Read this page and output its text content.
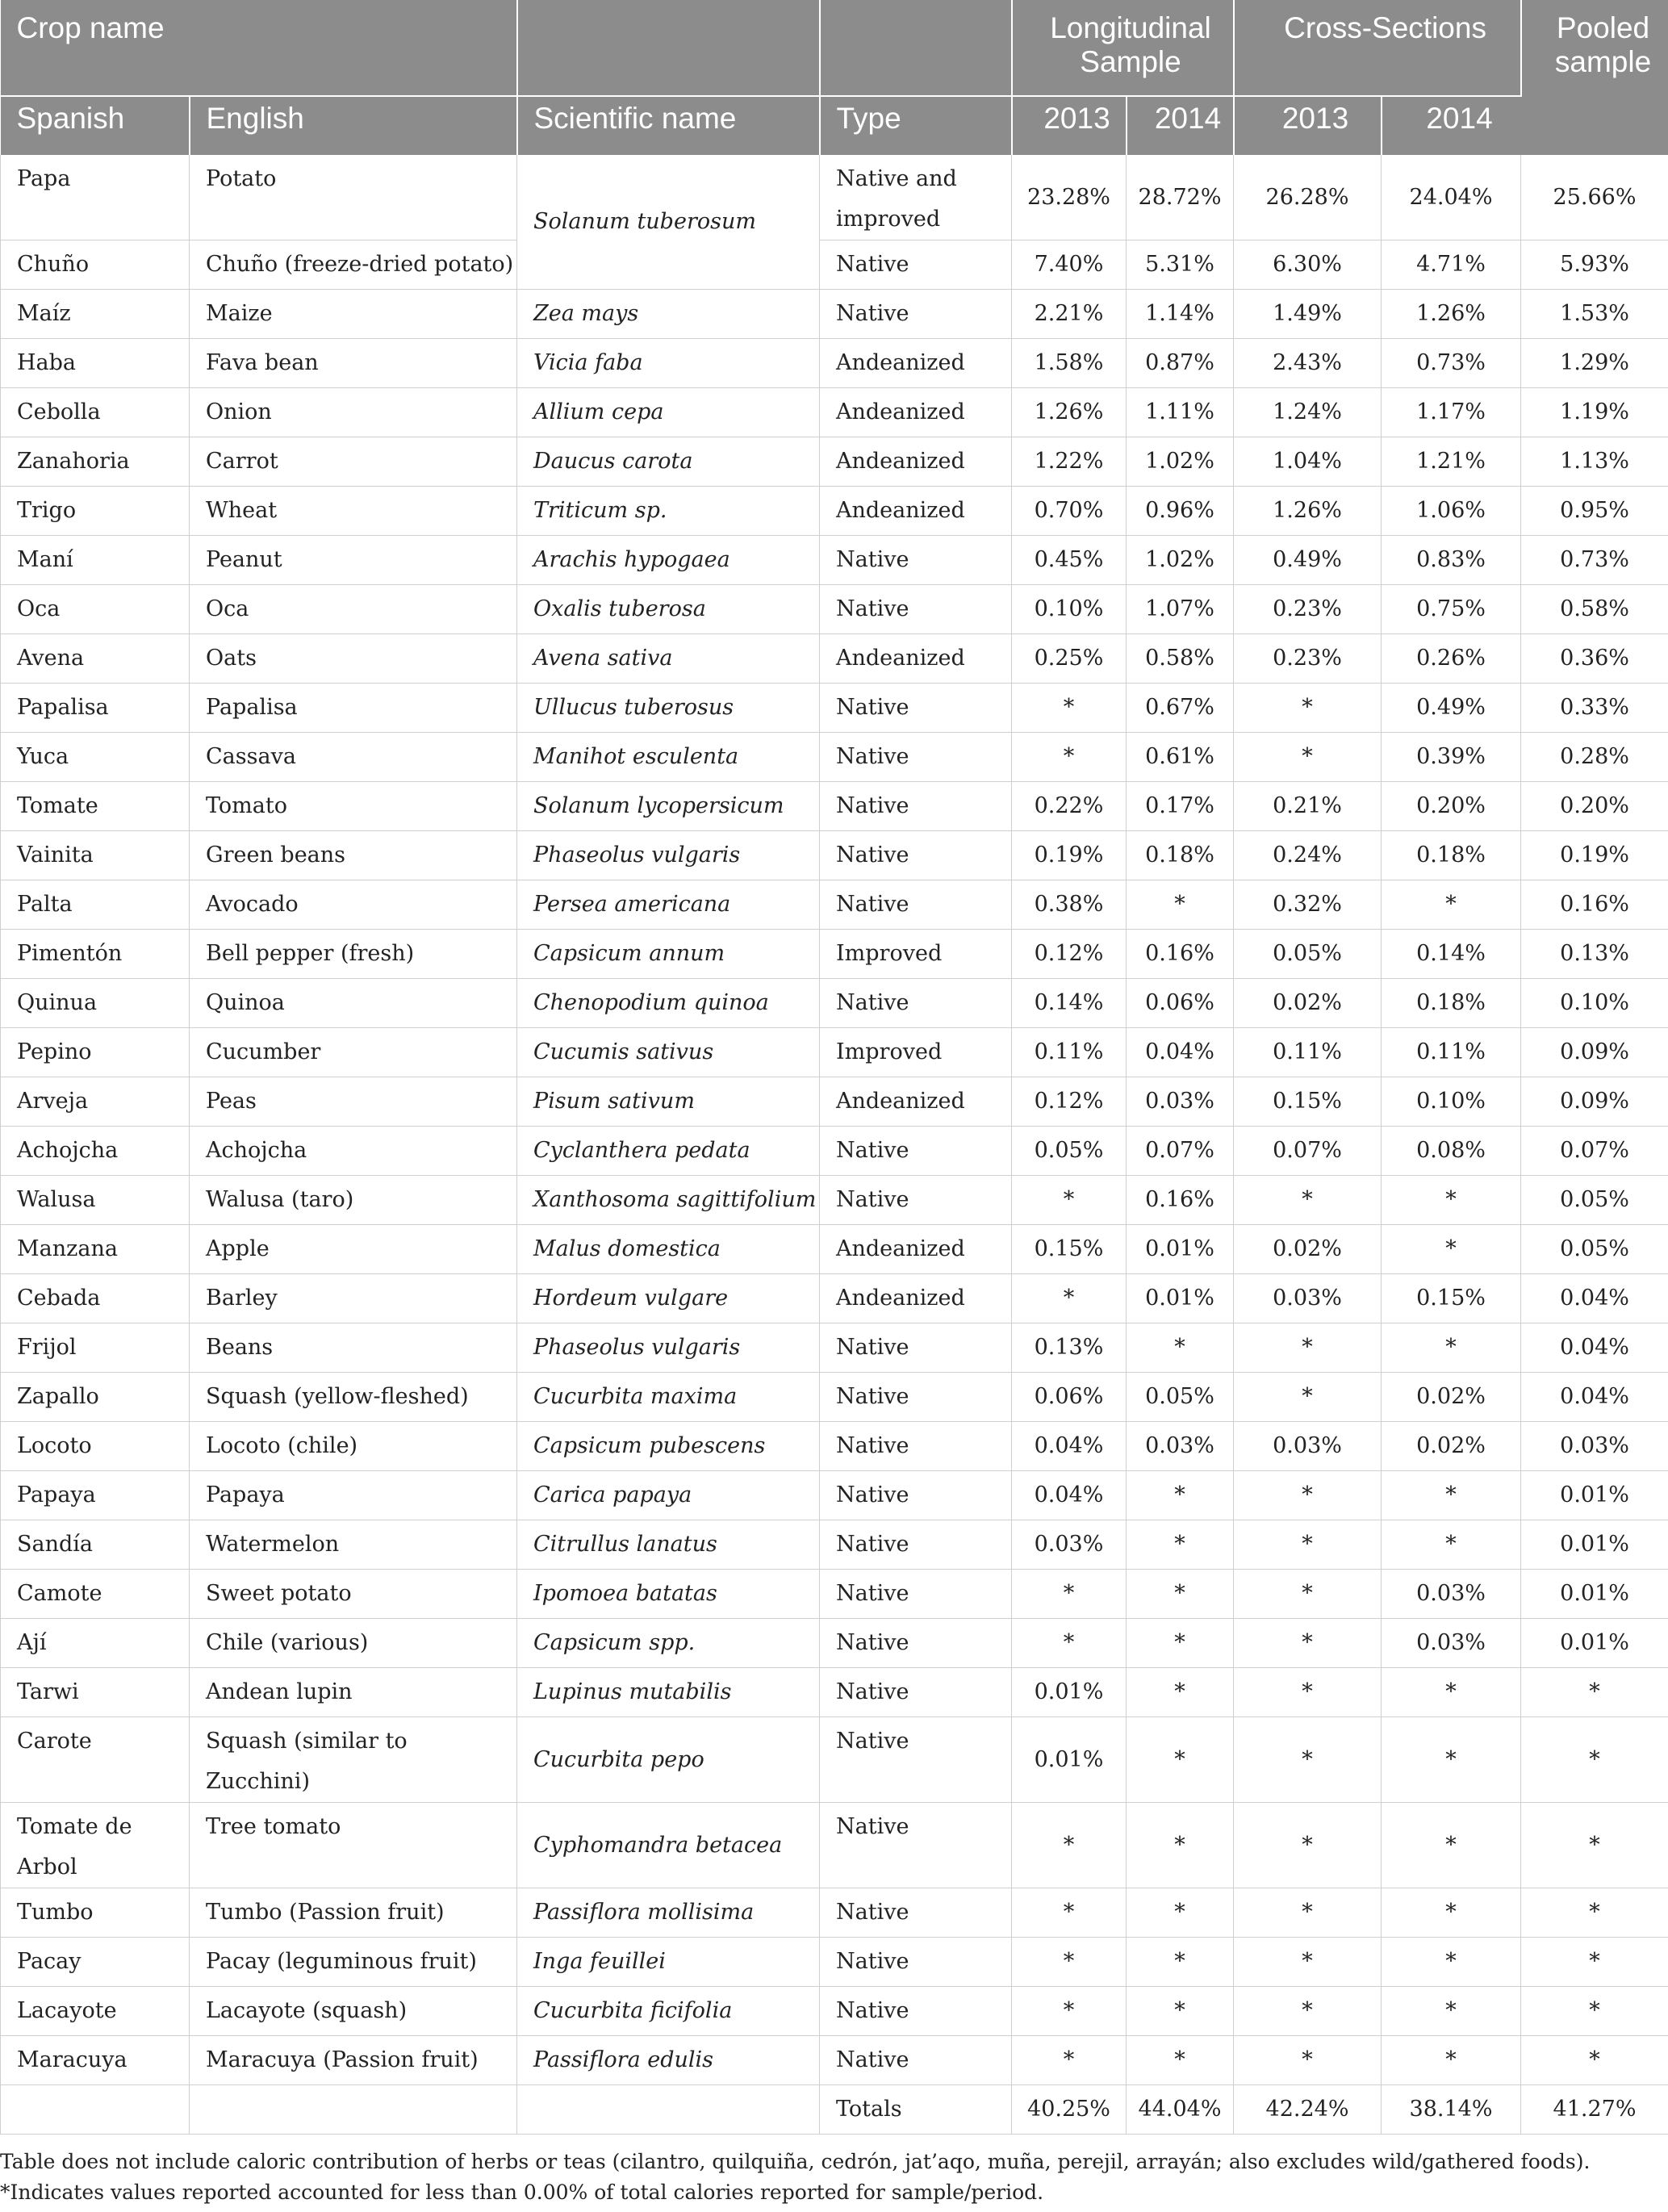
Crop name				Longitudinal Sample		Cross-Sections		Pooled sample
Spanish	English	Scientific name	Type	2013	2014	2013	2014	
Papa	Potato	Solanum tuberosum	Native and improved	23.28%	28.72%	26.28%	24.04%	25.66%
Chuño	Chuño (freeze-dried potato)		Native	7.40%	5.31%	6.30%	4.71%	5.93%
Maíz	Maize	Zea mays	Native	2.21%	1.14%	1.49%	1.26%	1.53%
Haba	Fava bean	Vicia faba	Andeanized	1.58%	0.87%	2.43%	0.73%	1.29%
Cebolla	Onion	Allium cepa	Andeanized	1.26%	1.11%	1.24%	1.17%	1.19%
Zanahoria	Carrot	Daucus carota	Andeanized	1.22%	1.02%	1.04%	1.21%	1.13%
Trigo	Wheat	Triticum sp.	Andeanized	0.70%	0.96%	1.26%	1.06%	0.95%
Maní	Peanut	Arachis hypogaea	Native	0.45%	1.02%	0.49%	0.83%	0.73%
Oca	Oca	Oxalis tuberosa	Native	0.10%	1.07%	0.23%	0.75%	0.58%
Avena	Oats	Avena sativa	Andeanized	0.25%	0.58%	0.23%	0.26%	0.36%
Papalisa	Papalisa	Ullucus tuberosus	Native	*	0.67%	*	0.49%	0.33%
Yuca	Cassava	Manihot esculenta	Native	*	0.61%	*	0.39%	0.28%
Tomate	Tomato	Solanum lycopersicum	Native	0.22%	0.17%	0.21%	0.20%	0.20%
Vainita	Green beans	Phaseolus vulgaris	Native	0.19%	0.18%	0.24%	0.18%	0.19%
Palta	Avocado	Persea americana	Native	0.38%	*	0.32%	*	0.16%
Pimentón	Bell pepper (fresh)	Capsicum annum	Improved	0.12%	0.16%	0.05%	0.14%	0.13%
Quinua	Quinoa	Chenopodium quinoa	Native	0.14%	0.06%	0.02%	0.18%	0.10%
Pepino	Cucumber	Cucumis sativus	Improved	0.11%	0.04%	0.11%	0.11%	0.09%
Arveja	Peas	Pisum sativum	Andeanized	0.12%	0.03%	0.15%	0.10%	0.09%
Achojcha	Achojcha	Cyclanthera pedata	Native	0.05%	0.07%	0.07%	0.08%	0.07%
Walusa	Walusa (taro)	Xanthosoma sagittifolium	Native	*	0.16%	*	*	0.05%
Manzana	Apple	Malus domestica	Andeanized	0.15%	0.01%	0.02%	*	0.05%
Cebada	Barley	Hordeum vulgare	Andeanized	*	0.01%	0.03%	0.15%	0.04%
Frijol	Beans	Phaseolus vulgaris	Native	0.13%	*	*	*	0.04%
Zapallo	Squash (yellow-fleshed)	Cucurbita maxima	Native	0.06%	0.05%	*	0.02%	0.04%
Locoto	Locoto (chile)	Capsicum pubescens	Native	0.04%	0.03%	0.03%	0.02%	0.03%
Papaya	Papaya	Carica papaya	Native	0.04%	*	*	*	0.01%
Sandía	Watermelon	Citrullus lanatus	Native	0.03%	*	*	*	0.01%
Camote	Sweet potato	Ipomoea batatas	Native	*	*	*	0.03%	0.01%
Ají	Chile (various)	Capsicum spp.	Native	*	*	*	0.03%	0.01%
Tarwi	Andean lupin	Lupinus mutabilis	Native	0.01%	*	*	*	*
Carote	Squash (similar to Zucchini)	Cucurbita pepo	Native	0.01%	*	*	*	*
Tomate de Arbol	Tree tomato	Cyphomandra betacea	Native	*	*	*	*	*
Tumbo	Tumbo (Passion fruit)	Passiflora mollisima	Native	*	*	*	*	*
Pacay	Pacay (leguminous fruit)	Inga feuillei	Native	*	*	*	*	*
Lacayote	Lacayote (squash)	Cucurbita ficifolia	Native	*	*	*	*	*
Maracuya	Maracuya (Passion fruit)	Passiflora edulis	Native	*	*	*	*	*
			Totals	40.25%	44.04%	42.24%	38.14%	41.27%
Table does not include caloric contribution of herbs or teas (cilantro, quilquiña, cedrón, jat’aqo, muña, perejil, arrayán; also excludes wild/gathered foods). *Indicates values reported accounted for less than 0.00% of total calories reported for sample/period.
